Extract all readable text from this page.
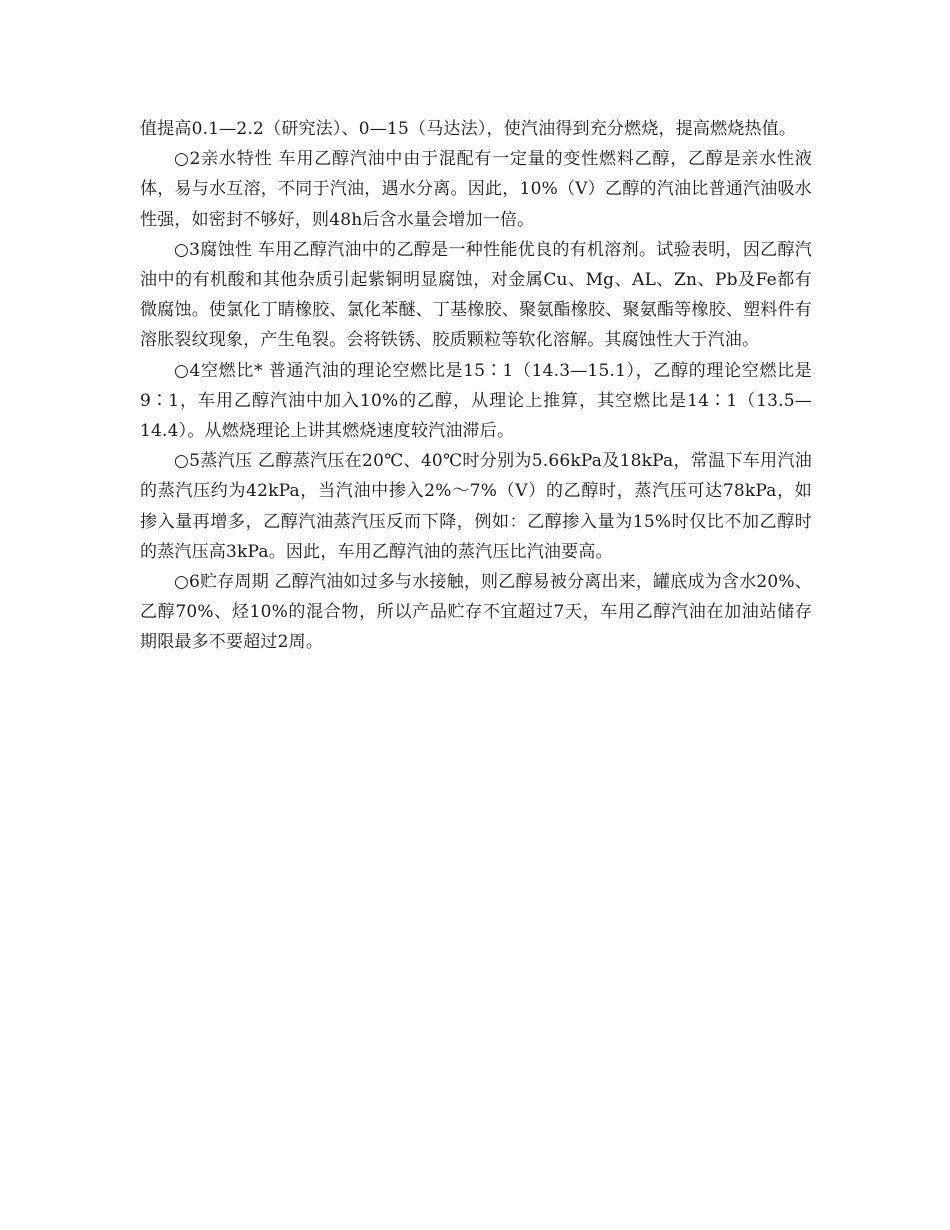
值提高0.1—2.2（研究法）、0—15（马达法），使汽油得到充分燃烧，提高燃烧热值。

○2亲水特性 车用乙醇汽油中由于混配有一定量的变性燃料乙醇，乙醇是亲水性液体，易与水互溶，不同于汽油，遇水分离。因此，10%（V）乙醇的汽油比普通汽油吸水性强，如密封不够好，则48h后含水量会增加一倍。

○3腐蚀性 车用乙醇汽油中的乙醇是一种性能优良的有机溶剂。试验表明，因乙醇汽油中的有机酸和其他杂质引起紫铜明显腐蚀，对金属Cu、Mg、AL、Zn、Pb及Fe都有微腐蚀。使氯化丁睛橡胶、氯化苯醚、丁基橡胶、聚氨酯橡胶、聚氨酯等橡胶、塑料件有溶胀裂纹现象，产生龟裂。会将铁锈、胶质颗粒等软化溶解。其腐蚀性大于汽油。

○4空燃比* 普通汽油的理论空燃比是15∶1（14.3—15.1），乙醇的理论空燃比是9∶1，车用乙醇汽油中加入10%的乙醇，从理论上推算，其空燃比是14∶1（13.5—14.4）。从燃烧理论上讲其燃烧速度较汽油滞后。

○5蒸汽压 乙醇蒸汽压在20℃、40℃时分别为5.66kPa及18kPa，常温下车用汽油的蒸汽压约为42kPa，当汽油中掺入2%～7%（V）的乙醇时，蒸汽压可达78kPa，如掺入量再增多，乙醇汽油蒸汽压反而下降，例如：乙醇掺入量为15%时仅比不加乙醇时的蒸汽压高3kPa。因此，车用乙醇汽油的蒸汽压比汽油要高。

○6贮存周期 乙醇汽油如过多与水接触，则乙醇易被分离出来，罐底成为含水20%、乙醇70%、烃10%的混合物，所以产品贮存不宜超过7天，车用乙醇汽油在加油站储存期限最多不要超过2周。
